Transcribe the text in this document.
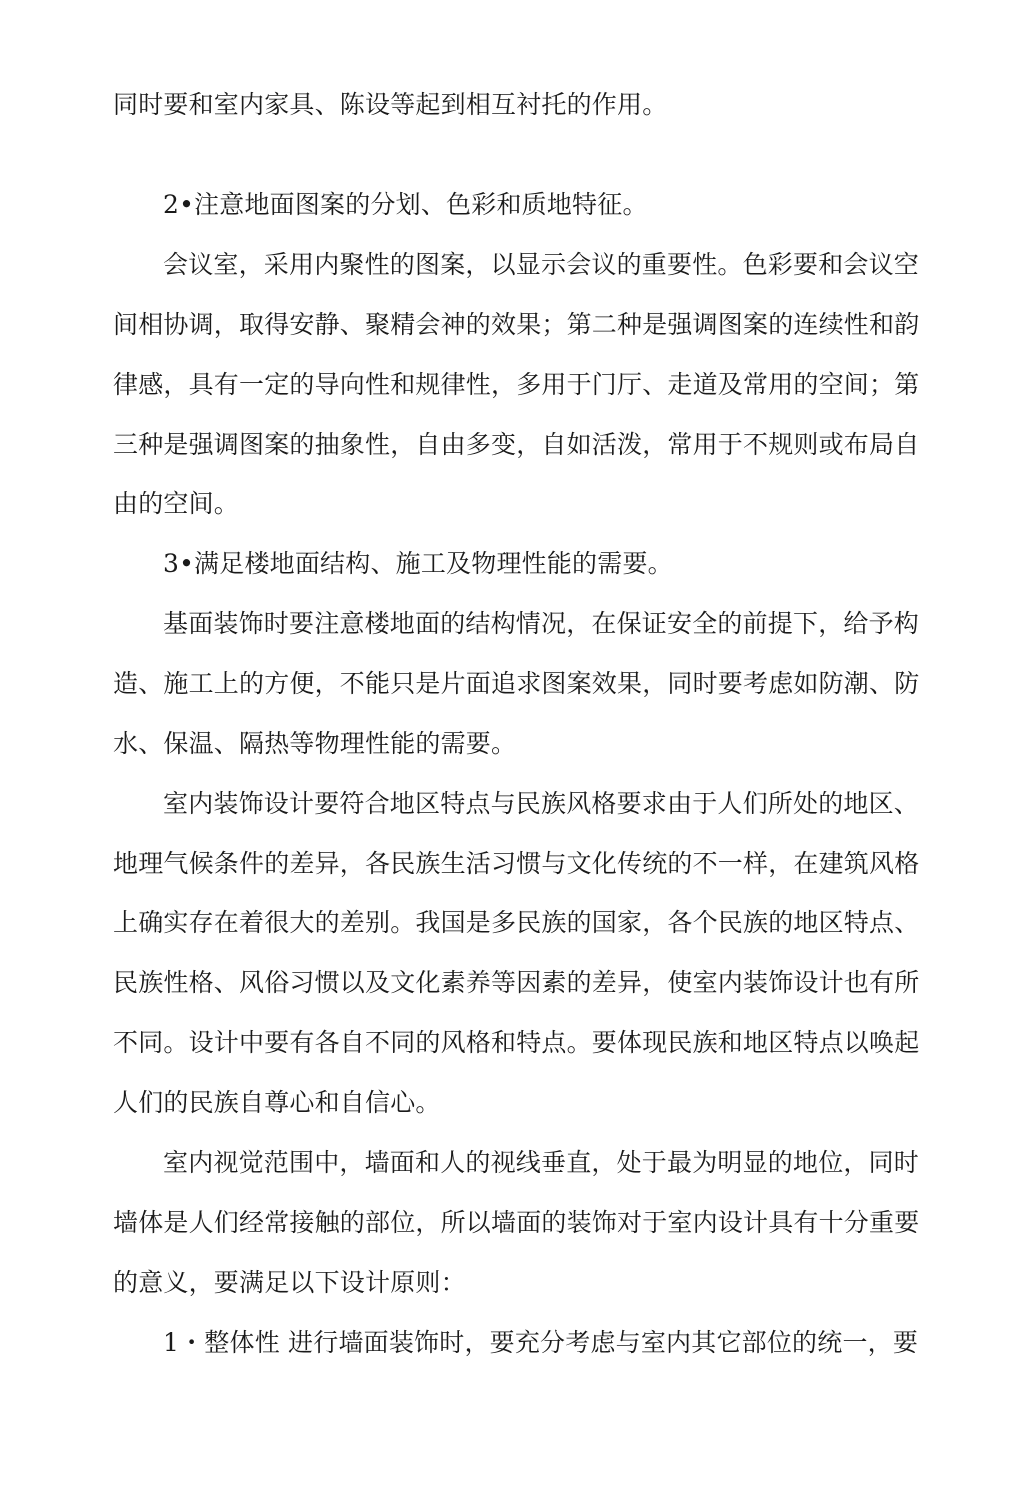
同时要和室内家具、陈设等起到相互衬托的作用。
2•注意地面图案的分划、色彩和质地特征。
会议室，采用内聚性的图案，以显示会议的重要性。色彩要和会议空
间相协调，取得安静、聚精会神的效果；第二种是强调图案的连续性和韵
律感，具有一定的导向性和规律性，多用于门厅、走道及常用的空间；第
三种是强调图案的抽象性，自由多变，自如活泼，常用于不规则或布局自
由的空间。
3•满足楼地面结构、施工及物理性能的需要。
基面装饰时要注意楼地面的结构情况，在保证安全的前提下，给予构
造、施工上的方便，不能只是片面追求图案效果，同时要考虑如防潮、防
水、保温、隔热等物理性能的需要。
室内装饰设计要符合地区特点与民族风格要求由于人们所处的地区、
地理气候条件的差异，各民族生活习惯与文化传统的不一样，在建筑风格
上确实存在着很大的差别。我国是多民族的国家，各个民族的地区特点、
民族性格、风俗习惯以及文化素养等因素的差异，使室内装饰设计也有所
不同。设计中要有各自不同的风格和特点。要体现民族和地区特点以唤起
人们的民族自尊心和自信心。
室内视觉范围中，墙面和人的视线垂直，处于最为明显的地位，同时
墙体是人们经常接触的部位，所以墙面的装饰对于室内设计具有十分重要
的意义，要满足以下设计原则：
1・整体性 进行墙面装饰时，要充分考虑与室内其它部位的统一，要
